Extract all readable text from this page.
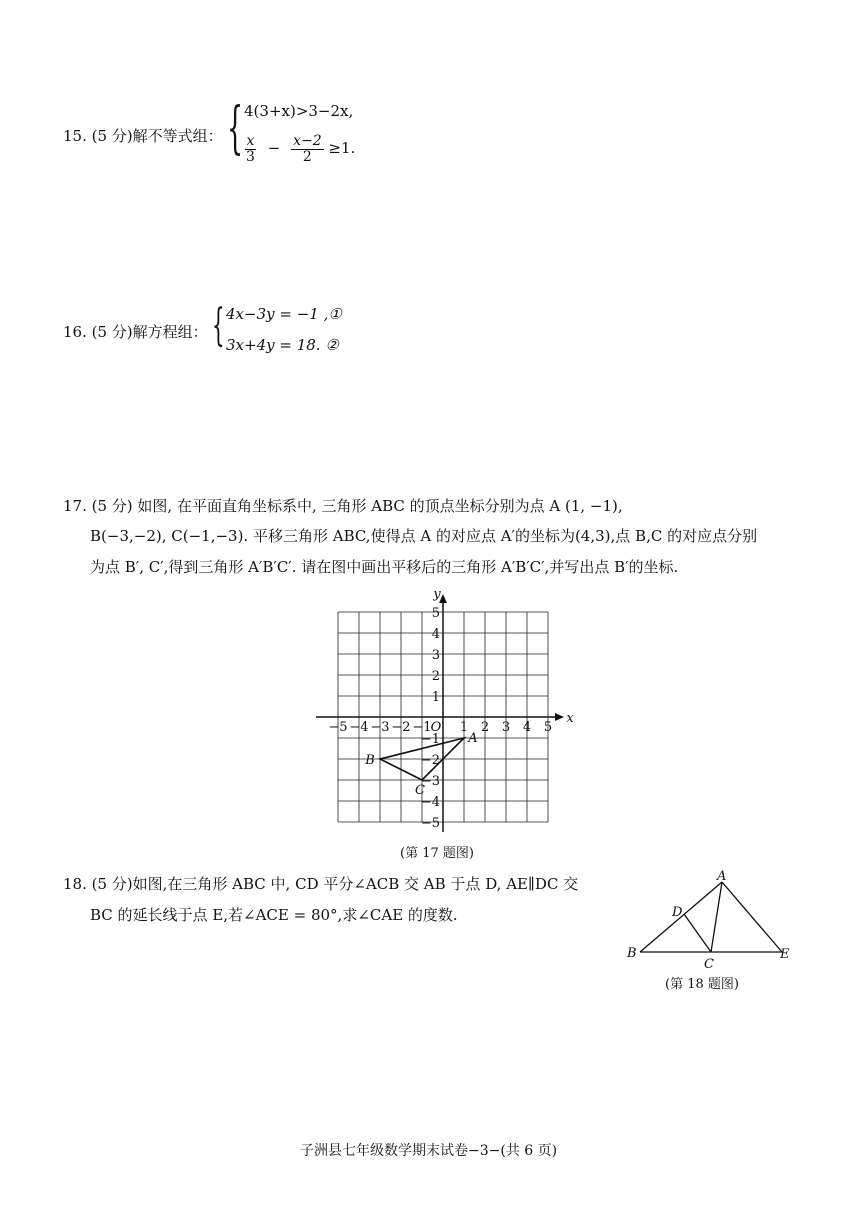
15. (5 分)解不等式组： { 4(3+x)>3−2x,
$\frac{x}{3} - \frac{x-2}{2} \ge 1$.
16. (5 分)解方程组： { 4x−3y = −1 ,①
3x+4y = 18. ②
17. (5 分) 如图, 在平面直角坐标系中, 三角形 ABC 的顶点坐标分别为点 A (1, −1),
B(−3,−2), C(−1,−3). 平移三角形 ABC,使得点 A 的对应点 A′的坐标为(4,3),点 B,C 的对应点分别
为点 B′, C′,得到三角形 A′B′C′. 请在图中画出平移后的三角形 A′B′C′,并写出点 B′的坐标.
−5 −4 −3 −2 −1 1 2 3 4 5
5
4
3
2
1
−1
−2
−3
−4
−5
x
y
O
A
B
C
(第 17 题图)
18. (5 分)如图,在三角形 ABC 中, CD 平分∠ACB 交 AB 于点 D, AE∥DC 交
BC 的延长线于点 E,若∠ACE = 80°,求∠CAE 的度数.
A
B
C
D
E
(第 18 题图)
子洲县七年级数学期末试卷−3−(共 6 页)
